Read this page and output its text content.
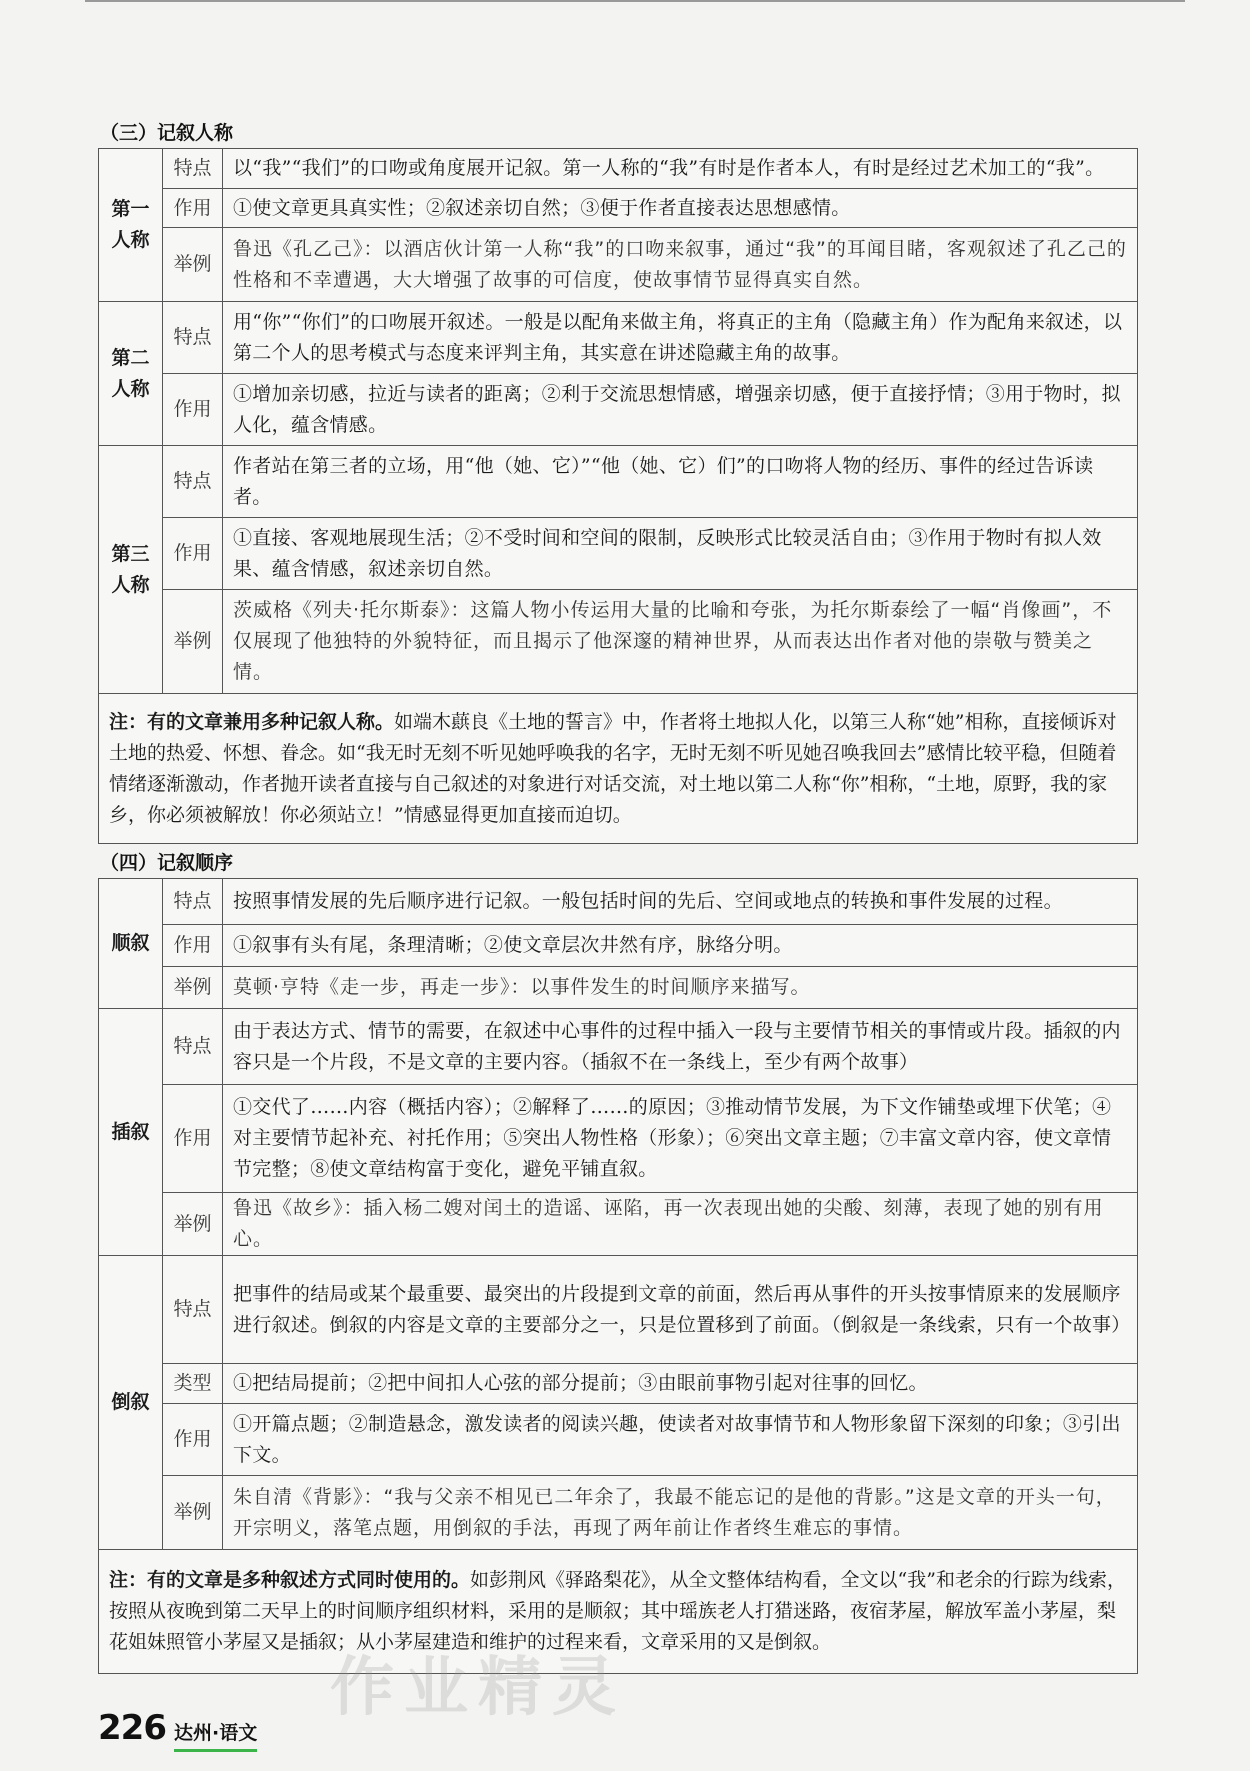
（三）记叙人称
第一
人称	特点	以“我”“我们”的口吻或角度展开记叙。第一人称的“我”有时是作者本人，有时是经过艺术加工的“我”。
	作用	①使文章更具真实性；②叙述亲切自然；③便于作者直接表达思想感情。
	举例	鲁迅《孔乙己》：以酒店伙计第一人称“我”的口吻来叙事，通过“我”的耳闻目睹，客观叙述了孔乙己的性格和不幸遭遇，大大增强了故事的可信度，使故事情节显得真实自然。

第二
人称	特点	用“你”“你们”的口吻展开叙述。一般是以配角来做主角，将真正的主角（隐藏主角）作为配角来叙述，以第二个人的思考模式与态度来评判主角，其实意在讲述隐藏主角的故事。
	作用	①增加亲切感，拉近与读者的距离；②利于交流思想情感，增强亲切感，便于直接抒情；③用于物时，拟人化，蕴含情感。

第三
人称	特点	作者站在第三者的立场，用“他（她、它）”“他（她、它）们”的口吻将人物的经历、事件的经过告诉读者。
	作用	①直接、客观地展现生活；②不受时间和空间的限制，反映形式比较灵活自由；③作用于物时有拟人效果、蕴含情感，叙述亲切自然。
	举例	茨威格《列夫·托尔斯泰》：这篇人物小传运用大量的比喻和夸张，为托尔斯泰绘了一幅“肖像画”，不仅展现了他独特的外貌特征，而且揭示了他深邃的精神世界，从而表达出作者对他的崇敬与赞美之情。
注：有的文章兼用多种记叙人称。如端木蕻良《土地的誓言》中，作者将土地拟人化，以第三人称“她”相称，直接倾诉对土地的热爱、怀想、眷念。如“我无时无刻不听见她呼唤我的名字，无时无刻不听见她召唤我回去”感情比较平稳，但随着情绪逐渐激动，作者抛开读者直接与自己叙述的对象进行对话交流，对土地以第二人称“你”相称，“土地，原野，我的家乡，你必须被解放！你必须站立！”情感显得更加直接而迫切。		
（四）记叙顺序
顺叙	特点	按照事情发展的先后顺序进行记叙。一般包括时间的先后、空间或地点的转换和事件发展的过程。
	作用	①叙事有头有尾，条理清晰；②使文章层次井然有序，脉络分明。
	举例	莫顿·亨特《走一步，再走一步》：以事件发生的时间顺序来描写。
插叙	特点	由于表达方式、情节的需要，在叙述中心事件的过程中插入一段与主要情节相关的事情或片段。插叙的内容只是一个片段，不是文章的主要内容。（插叙不在一条线上，至少有两个故事）
	作用	①交代了……内容（概括内容）；②解释了……的原因；③推动情节发展，为下文作铺垫或埋下伏笔；④对主要情节起补充、衬托作用；⑤突出人物性格（形象）；⑥突出文章主题；⑦丰富文章内容，使文章情节完整；⑧使文章结构富于变化，避免平铺直叙。
	举例	鲁迅《故乡》：插入杨二嫂对闰土的造谣、诬陷，再一次表现出她的尖酸、刻薄，表现了她的别有用心。
倒叙	特点	把事件的结局或某个最重要、最突出的片段提到文章的前面，然后再从事件的开头按事情原来的发展顺序进行叙述。倒叙的内容是文章的主要部分之一，只是位置移到了前面。（倒叙是一条线索，只有一个故事）
	类型	①把结局提前；②把中间扣人心弦的部分提前；③由眼前事物引起对往事的回忆。
	作用	①开篇点题；②制造悬念，激发读者的阅读兴趣，使读者对故事情节和人物形象留下深刻的印象；③引出下文。
	举例	朱自清《背影》：“我与父亲不相见已二年余了，我最不能忘记的是他的背影。”这是文章的开头一句，开宗明义，落笔点题，用倒叙的手法，再现了两年前让作者终生难忘的事情。
注：有的文章是多种叙述方式同时使用的。如彭荆风《驿路梨花》，从全文整体结构看，全文以“我”和老余的行踪为线索，按照从夜晚到第二天早上的时间顺序组织材料，采用的是顺叙；其中瑶族老人打猎迷路，夜宿茅屋，解放军盖小茅屋，梨花姐妹照管小茅屋又是插叙；从小茅屋建造和维护的过程来看，文章采用的又是倒叙。		
作业精灵
226 达州·语文
